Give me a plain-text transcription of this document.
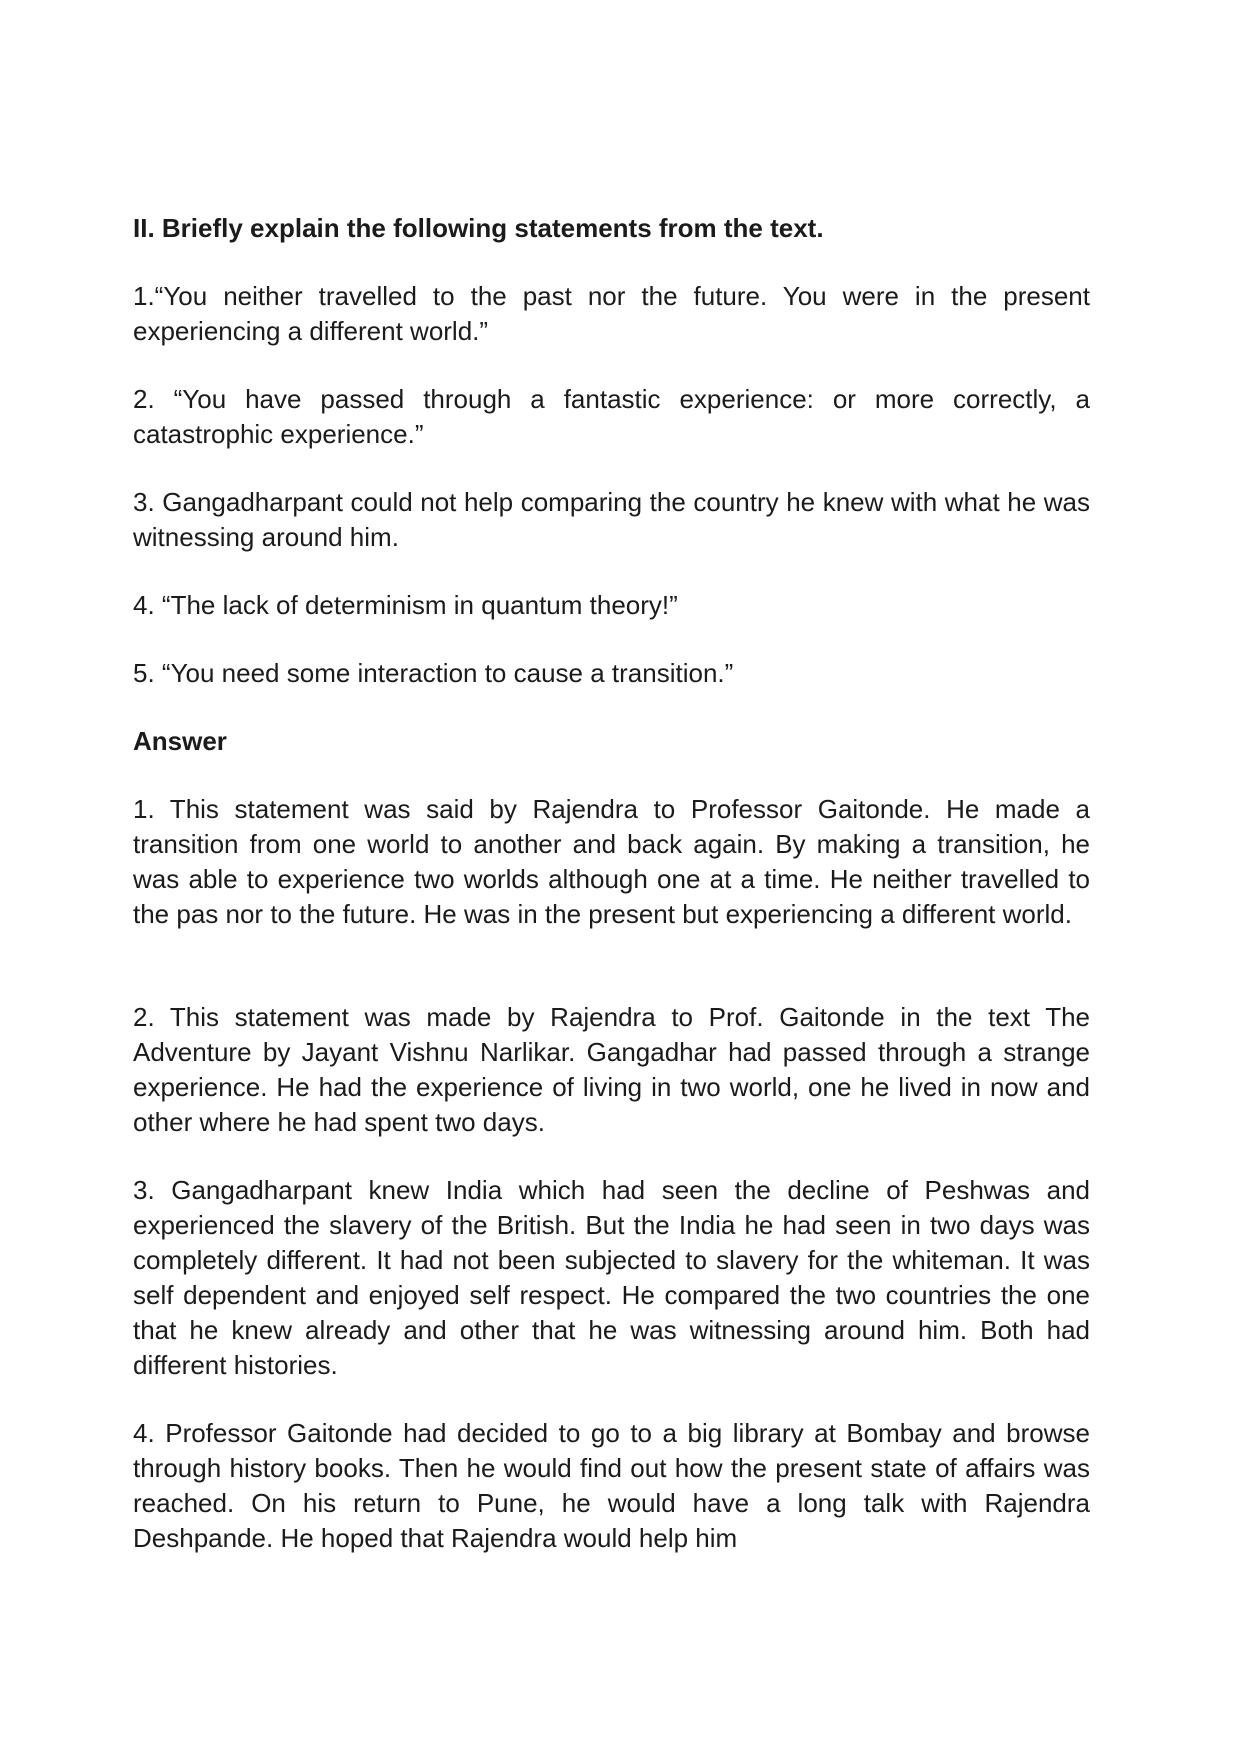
II. Briefly explain the following statements from the text.

1.“You neither travelled to the past nor the future. You were in the present experiencing a different world.”

2. “You have passed through a fantastic experience: or more correctly, a catastrophic experience.”

3. Gangadharpant could not help comparing the country he knew with what he was witnessing around him.

4. “The lack of determinism in quantum theory!”

5. “You need some interaction to cause a transition.”

Answer

1. This statement was said by Rajendra to Professor Gaitonde. He made a transition from one world to another and back again. By making a transition, he was able to experience two worlds although one at a time. He neither travelled to the pas nor to the future. He was in the present but experiencing a different world.

2. This statement was made by Rajendra to Prof. Gaitonde in the text The Adventure by Jayant Vishnu Narlikar. Gangadhar had passed through a strange experience. He had the experience of living in two world, one he lived in now and other where he had spent two days.

3. Gangadharpant knew India which had seen the decline of Peshwas and experienced the slavery of the British. But the India he had seen in two days was completely different. It had not been subjected to slavery for the whiteman. It was self dependent and enjoyed self respect. He compared the two countries the one that he knew already and other that he was witnessing around him. Both had different histories.

4. Professor Gaitonde had decided to go to a big library at Bombay and browse through history books. Then he would find out how the present state of affairs was reached. On his return to Pune, he would have a long talk with Rajendra Deshpande. He hoped that Rajendra would help him
